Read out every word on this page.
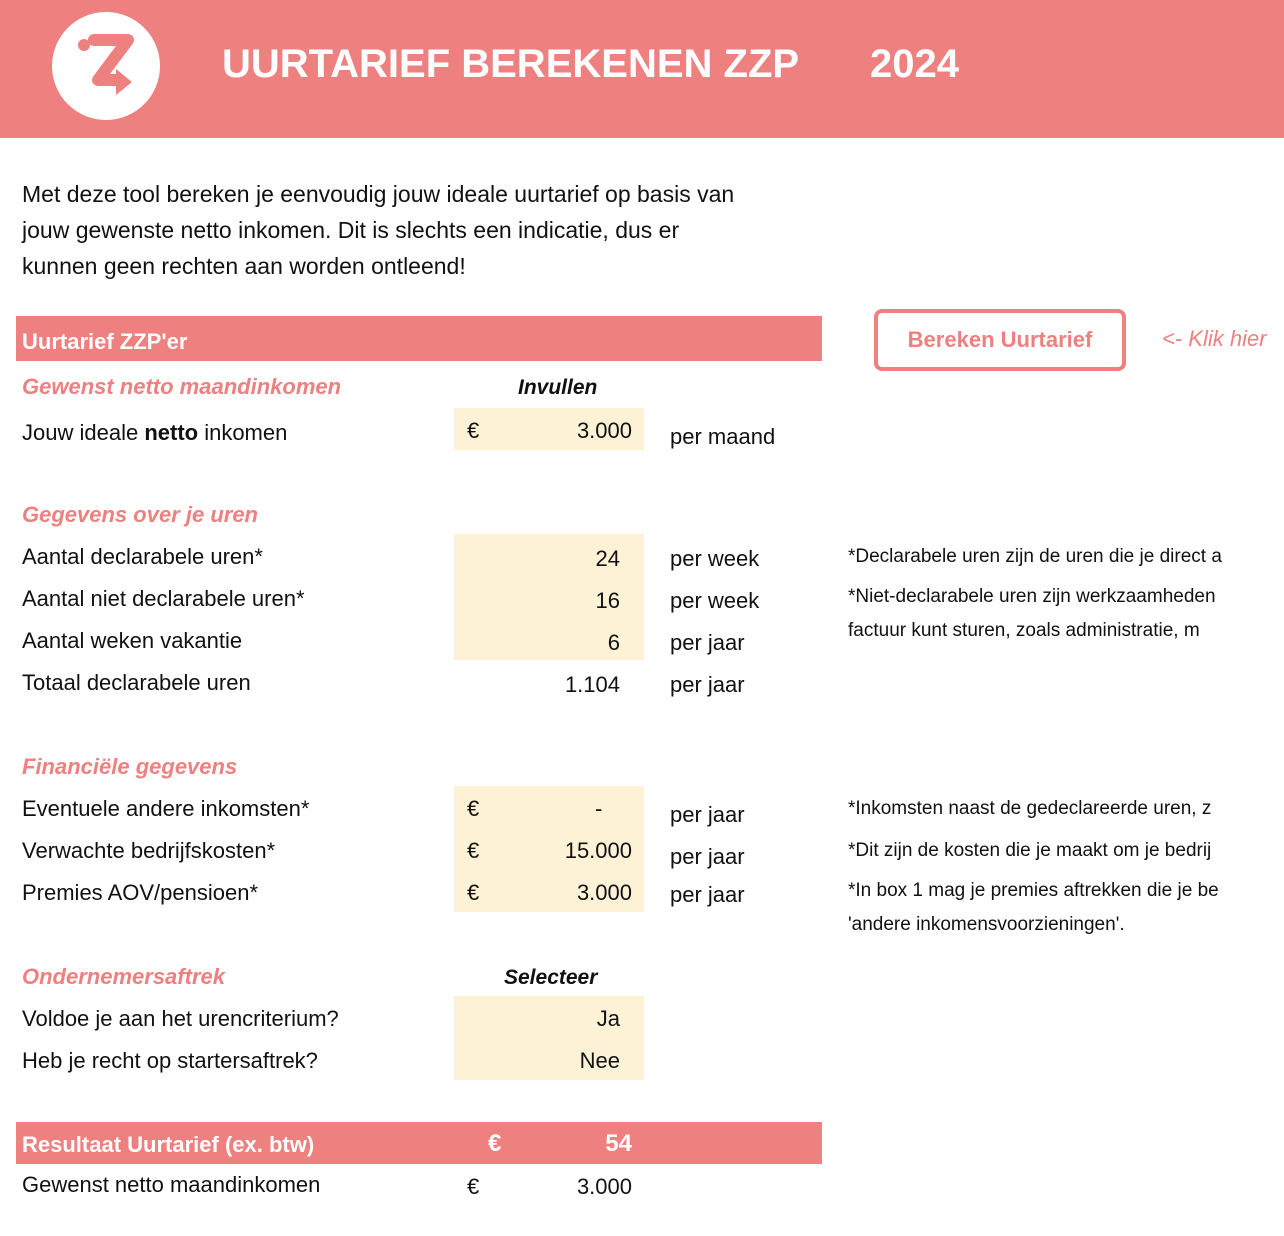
UURTARIEF BEREKENEN ZZP 2024
Met deze tool bereken je eenvoudig jouw ideale uurtarief op basis van
jouw gewenste netto inkomen. Dit is slechts een indicatie, dus er
kunnen geen rechten aan worden ontleend!
Uurtarief ZZP'er	Bereken Uurtarief	<- Klik hier
Gewenst netto maandinkomen	Invullen
Jouw ideale netto inkomen	€	3.000 per maand
Gegevens over je uren
Aantal declarabele uren*	24 per week
Aantal niet declarabele uren*	16 per week
Aantal weken vakantie	6 per jaar
Totaal declarabele uren	1.104 per jaar
*Declarabele uren zijn de uren die je direct a
*Niet-declarabele uren zijn werkzaamheden
factuur kunt sturen, zoals administratie, m
Financiële gegevens
Eventuele andere inkomsten*	€	-	per jaar
Verwachte bedrijfskosten*	€	15.000 per jaar
Premies AOV/pensioen*	€	3.000 per jaar
*Inkomsten naast de gedeclareerde uren, z
*Dit zijn de kosten die je maakt om je bedrij
*In box 1 mag je premies aftrekken die je be
'andere inkomensvoorzieningen'.
Ondernemersaftrek	Selecteer
Voldoe je aan het urencriterium?	Ja
Heb je recht op startersaftrek?	Nee
Resultaat Uurtarief (ex. btw)	€	54
Gewenst netto maandinkomen	€	3.000
